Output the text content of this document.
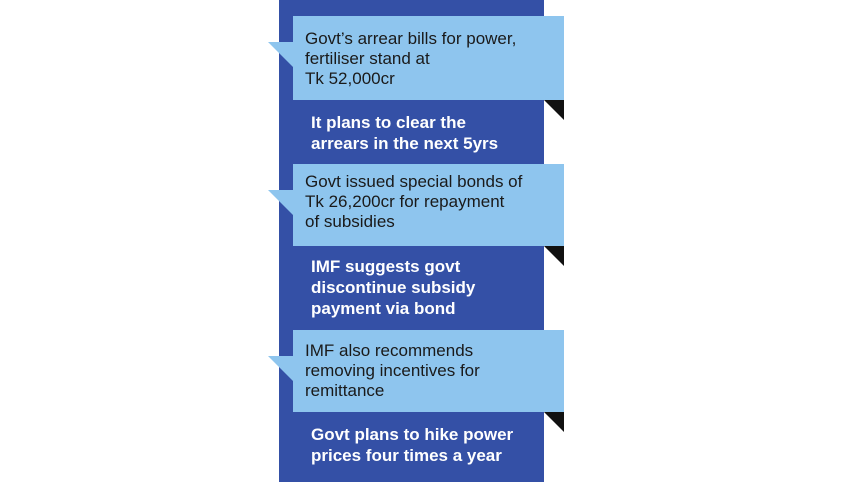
Govt’s arrear bills for power,
fertiliser stand at
Tk 52,000cr
It plans to clear the
arrears in the next 5yrs
Govt issued special bonds of
Tk 26,200cr for repayment
of subsidies
IMF suggests govt
discontinue subsidy
payment via bond
IMF also recommends
removing incentives for
remittance
Govt plans to hike power
prices four times a year
